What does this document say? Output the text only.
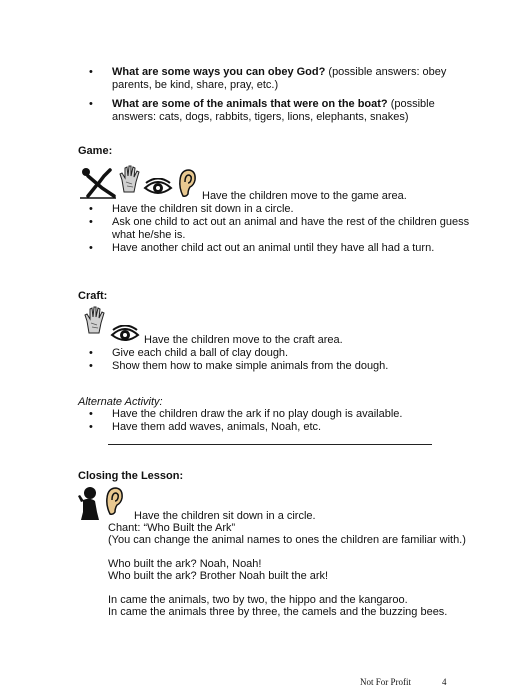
•	What are some ways you can obey God? (possible answers: obey
parents, be kind, share, pray, etc.)
•	What are some of the animals that were on the boat? (possible
answers: cats, dogs, rabbits, tigers, lions, elephants, snakes)
Game:
Have the children move to the game area.
•	Have the children sit down in a circle.
•	Ask one child to act out an animal and have the rest of the children guess
what he/she is.
•	Have another child act out an animal until they have all had a turn.
Craft:
Have the children move to the craft area.
•	Give each child a ball of clay dough.
•	Show them how to make simple animals from the dough.
Alternate Activity:
•	Have the children draw the ark if no play dough is available.
•	Have them add waves, animals, Noah, etc.
Closing the Lesson:
Have the children sit down in a circle.
Chant: “Who Built the Ark”
(You can change the animal names to ones the children are familiar with.)
Who built the ark? Noah, Noah!
Who built the ark? Brother Noah built the ark!
In came the animals, two by two, the hippo and the kangaroo.
In came the animals three by three, the camels and the buzzing bees.
Not For Profit	4
